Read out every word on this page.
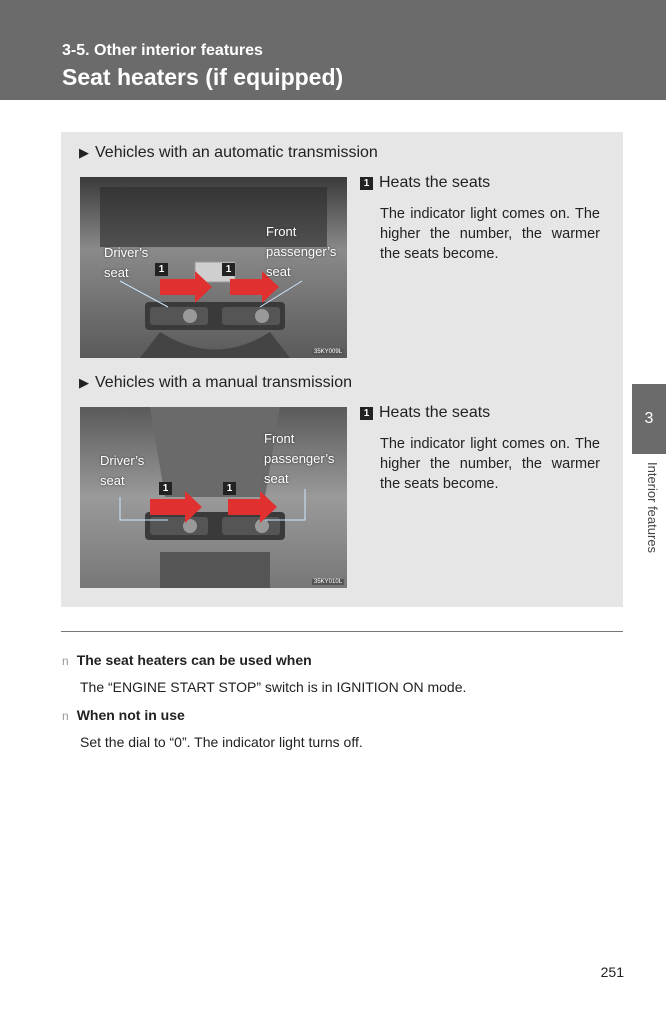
3-5. Other interior features
Seat heaters (if equipped)
▶ Vehicles with an automatic transmission
Driver’s seat
Front passenger’s seat
1	1
35KY009L
1 Heats the seats
The indicator light comes on. The higher the number, the warmer the seats become.
▶ Vehicles with a manual transmission
Driver’s seat
Front passenger’s seat
1	1
35KY010L
1 Heats the seats
The indicator light comes on. The higher the number, the warmer the seats become.
n The seat heaters can be used when
The “ENGINE START STOP” switch is in IGNITION ON mode.
n When not in use
Set the dial to “0”. The indicator light turns off.
3
Interior features
251
